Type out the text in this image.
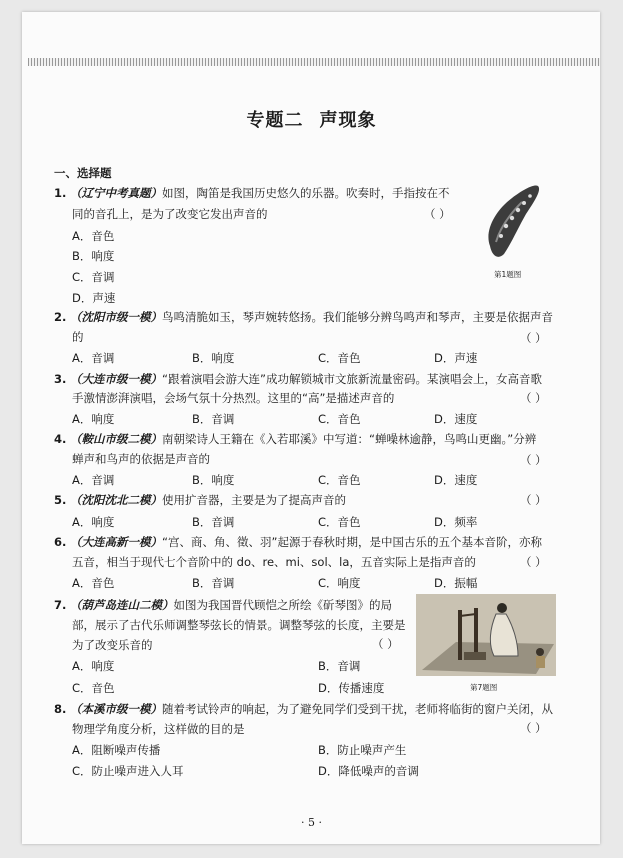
专题二 声现象
一、选择题
1. （辽宁中考真题）如图，陶笛是我国历史悠久的乐器。吹奏时，手指按在不
同的音孔上，是为了改变它发出声音的	（ ）
A．音色
B．响度
C．音调
D．声速
第1题图
2. （沈阳市级一模）鸟鸣清脆如玉，琴声婉转悠扬。我们能够分辨鸟鸣声和琴声，主要是依据声音
的	（ ）
A．音调	B．响度	C．音色	D．声速
3. （大连市级一模）“跟着演唱会游大连”成功解锁城市文旅新流量密码。某演唱会上，女高音歌
手激情澎湃演唱，会场气氛十分热烈。这里的“高”是描述声音的	（ ）
A．响度	B．音调	C．音色	D．速度
4. （鞍山市级二模）南朝梁诗人王籍在《入若耶溪》中写道：“蝉噪林逾静，鸟鸣山更幽。”分辨
蝉声和鸟声的依据是声音的	（ ）
A．音调	B．响度	C．音色	D．速度
5. （沈阳沈北二模）使用扩音器，主要是为了提高声音的	（ ）
A．响度	B．音调	C．音色	D．频率
6. （大连高新一模）“宫、商、角、徵、羽”起源于春秋时期，是中国古乐的五个基本音阶，亦称
五音，相当于现代七个音阶中的 do、re、mi、sol、la，五音实际上是指声音的	（ ）
A．音色	B．音调	C．响度	D．振幅
7. （葫芦岛连山二模）如图为我国晋代顾恺之所绘《斫琴图》的局
部，展示了古代乐师调整琴弦长的情景。调整琴弦的长度，主要是
为了改变乐音的	（ ）
A．响度	B．音调
C．音色	D．传播速度	第7题图
8. （本溪市级一模）随着考试铃声的响起，为了避免同学们受到干扰，老师将临街的窗户关闭，从
物理学角度分析，这样做的目的是	（ ）
A．阻断噪声传播	B．防止噪声产生
C．防止噪声进入人耳	D．降低噪声的音调
· 5 ·
